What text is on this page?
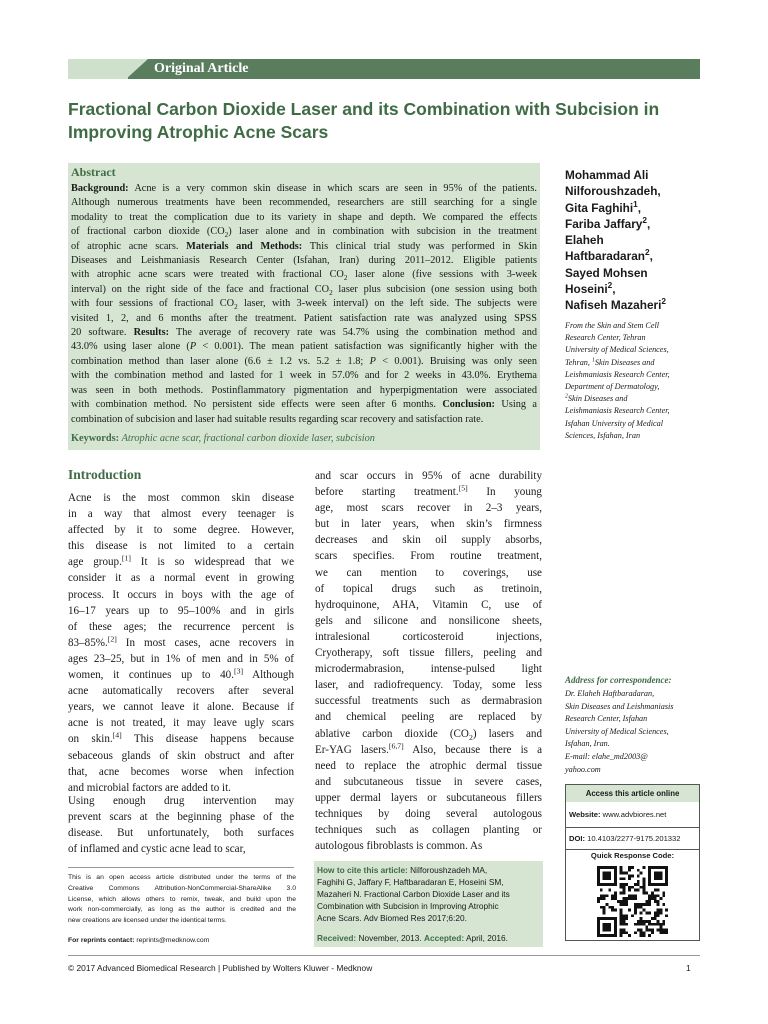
Original Article
Fractional Carbon Dioxide Laser and its Combination with Subcision in
Improving Atrophic Acne Scars
Abstract
Background: Acne is a very common skin disease in which scars are seen in 95% of the patients.
Although numerous treatments have been recommended, researchers are still searching for a single
modality to treat the complication due to its variety in shape and depth. We compared the effects
of fractional carbon dioxide $(CO_2)$ laser alone and in combination with subcision in the treatment
of atrophic acne scars. Materials and Methods: This clinical trial study was performed in Skin
Diseases and Leishmaniasis Research Center (Isfahan, Iran) during 2011–2012. Eligible patients
with atrophic acne scars were treated with fractional $CO_2$ laser alone (five sessions with 3-week
interval) on the right side of the face and fractional $CO_2$ laser plus subcision (one session using both
with four sessions of fractional $CO_2$ laser, with 3-week interval) on the left side. The subjects were
visited 1, 2, and 6 months after the treatment. Patient satisfaction rate was analyzed using SPSS
20 software. Results: The average of recovery rate was 54.7% using the combination method and
43.0% using laser alone (P < 0.001). The mean patient satisfaction was significantly higher with the
combination method than laser alone (6.6 ± 1.2 vs. 5.2 ± 1.8; P < 0.001). Bruising was only seen
with the combination method and lasted for 1 week in 57.0% and for 2 weeks in 43.0%. Erythema
was seen in both methods. Postinflammatory pigmentation and hyperpigmentation were associated
with combination method. No persistent side effects were seen after 6 months. Conclusion: Using a
combination of subcision and laser had suitable results regarding scar recovery and satisfaction rate.
Keywords: Atrophic acne scar, fractional carbon dioxide laser, subcision
Mohammad Ali
Nilforoushzadeh,
Gita Faghihi$^1$,
Fariba Jaffary$^2$,
Elaheh
Haftbaradaran$^2$,
Sayed Mohsen
Hoseini$^2$,
Nafiseh Mazaheri$^2$
From the Skin and Stem Cell
Research Center, Tehran
University of Medical Sciences,
Tehran, $^1$Skin Diseases and
Leishmaniasis Research Center,
Department of Dermatology,
$^2$Skin Diseases and
Leishmaniasis Research Center,
Isfahan University of Medical
Sciences, Isfahan, Iran
Introduction
Acne is the most common skin disease
in a way that almost every teenager is
affected by it to some degree. However,
this disease is not limited to a certain
age group.[1] It is so widespread that we
consider it as a normal event in growing
process. It occurs in boys with the age of
16–17 years up to 95–100% and in girls
of these ages; the recurrence percent is
83–85%.[2] In most cases, acne recovers in
ages 23–25, but in 1% of men and in 5% of
women, it continues up to 40.[3] Although
acne automatically recovers after several
years, we cannot leave it alone. Because if
acne is not treated, it may leave ugly scars
on skin.[4] This disease happens because
sebaceous glands of skin obstruct and after
that, acne becomes worse when infection
and microbial factors are added to it.
Using enough drug intervention may
prevent scars at the beginning phase of the
disease. But unfortunately, both surfaces
of inflamed and cystic acne lead to scar,
and scar occurs in 95% of acne durability
before starting treatment.[5] In young
age, most scars recover in 2–3 years,
but in later years, when skin’s firmness
decreases and skin oil supply absorbs,
scars specifies. From routine treatment,
we can mention to coverings, use
of topical drugs such as tretinoin,
hydroquinone, AHA, Vitamin C, use of
gels and silicone and nonsilicone sheets,
intralesional corticosteroid injections,
Cryotherapy, soft tissue fillers, peeling and
microdermabrasion, intense-pulsed light
laser, and radiofrequency. Today, some less
successful treatments such as dermabrasion
and chemical peeling are replaced by
ablative carbon dioxide $(CO_2)$ lasers and
Er-YAG lasers.[6,7] Also, because there is a
need to replace the atrophic dermal tissue
and subcutaneous tissue in severe cases,
upper dermal layers or subcutaneous fillers
techniques by doing several autologous
techniques such as collagen planting or
autologous fibroblasts is common. As
This is an open access article distributed under the terms of the
Creative Commons Attribution-NonCommercial-ShareAlike 3.0
License, which allows others to remix, tweak, and build upon the
work non-commercially, as long as the author is credited and the
new creations are licensed under the identical terms.
For reprints contact: reprints@medknow.com
How to cite this article: Nilforoushzadeh MA,
Faghihi G, Jaffary F, Haftbaradaran E, Hoseini SM,
Mazaheri N. Fractional Carbon Dioxide Laser and its
Combination with Subcision in Improving Atrophic
Acne Scars. Adv Biomed Res 2017;6:20.
Received: November, 2013. Accepted: April, 2016.
Address for correspondence:
Dr. Elaheh Haftbaradaran,
Skin Diseases and Leishmaniasis
Research Center, Isfahan
University of Medical Sciences,
Isfahan, Iran.
E-mail: elahe_md2003@
yahoo.com
Access this article online
Website: www.advbiores.net
DOI: 10.4103/2277-9175.201332
Quick Response Code:
© 2017 Advanced Biomedical Research | Published by Wolters Kluwer - Medknow	1
